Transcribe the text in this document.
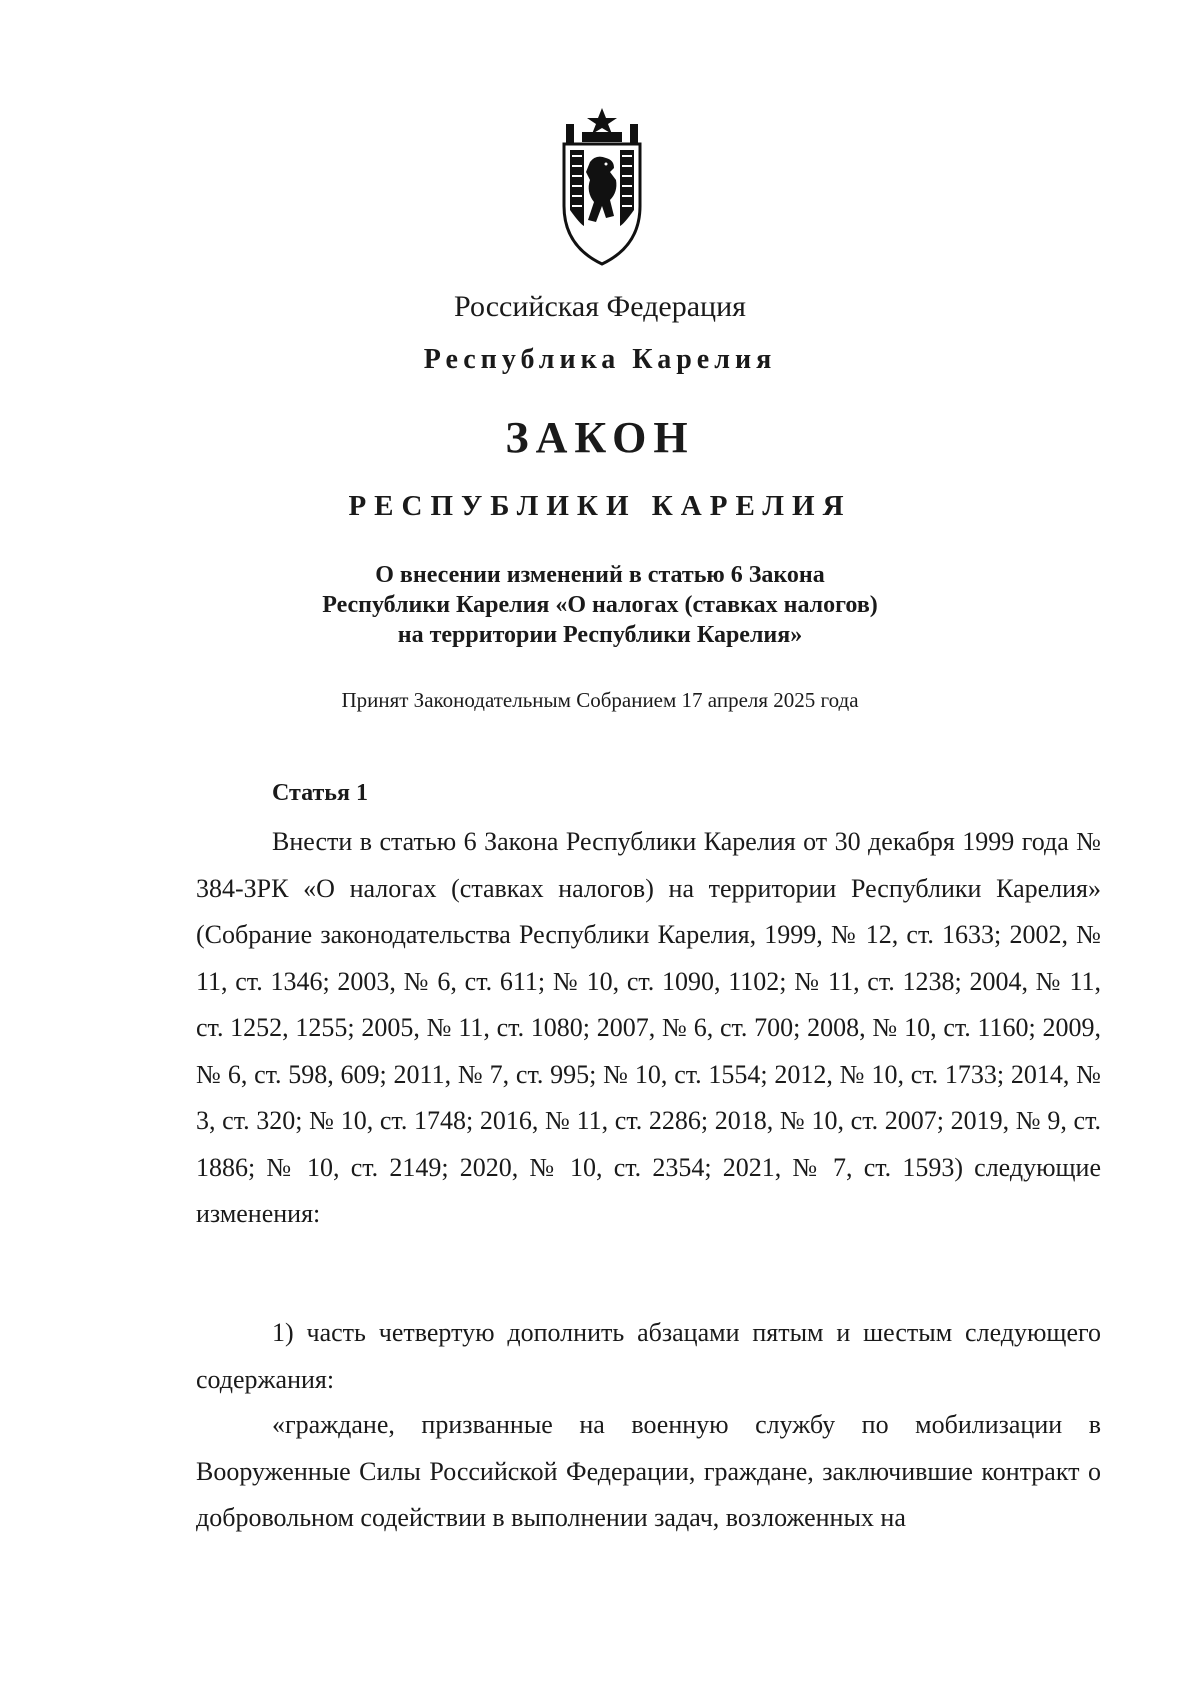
Российская Федерация
Республика Карелия
ЗАКОН
РЕСПУБЛИКИ КАРЕЛИЯ
О внесении изменений в статью 6 Закона
Республики Карелия «О налогах (ставках налогов)
на территории Республики Карелия»
Принят Законодательным Собранием 17 апреля 2025 года
Статья 1
Внести в статью 6 Закона Республики Карелия от 30 декабря 1999 года № 384-ЗРК «О налогах (ставках налогов) на территории Республики Карелия» (Собрание законодательства Республики Карелия, 1999, № 12, ст. 1633; 2002, № 11, ст. 1346; 2003, № 6, ст. 611; № 10, ст. 1090, 1102; № 11, ст. 1238; 2004, № 11, ст. 1252, 1255; 2005, № 11, ст. 1080; 2007, № 6, ст. 700; 2008, № 10, ст. 1160; 2009, № 6, ст. 598, 609; 2011, № 7, ст. 995; № 10, ст. 1554; 2012, № 10, ст. 1733; 2014, № 3, ст. 320; № 10, ст. 1748; 2016, № 11, ст. 2286; 2018, № 10, ст. 2007; 2019, № 9, ст. 1886; № 10, ст. 2149; 2020, № 10, ст. 2354; 2021, № 7, ст. 1593) следующие изменения:
1) часть четвертую дополнить абзацами пятым и шестым следующего содержания:
«граждане, призванные на военную службу по мобилизации в Вооруженные Силы Российской Федерации, граждане, заключившие контракт о добровольном содействии в выполнении задач, возложенных на
